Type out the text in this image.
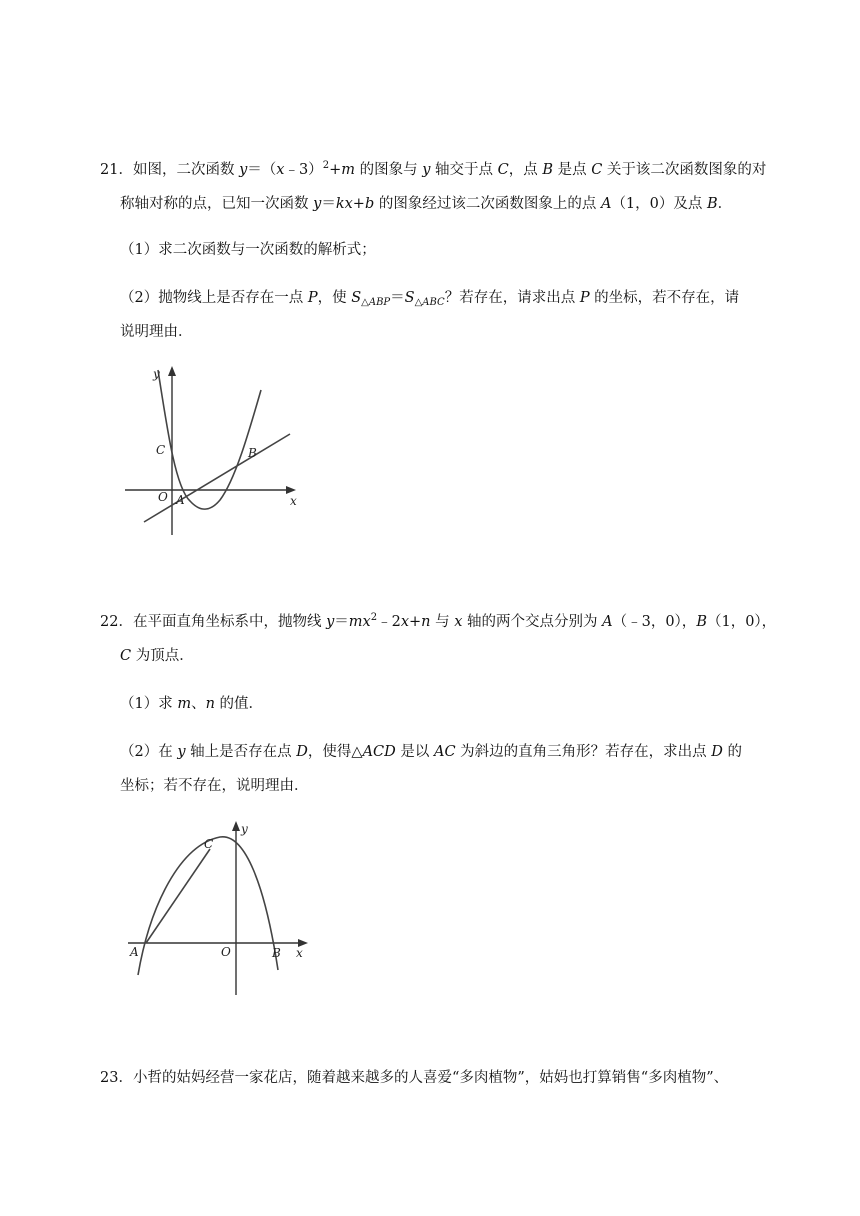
21．如图，二次函数 y＝（x﹣3）$^2$+m 的图象与 y 轴交于点 C，点 B 是点 C 关于该二次函数图象的对

称轴对称的点，已知一次函数 y＝kx+b 的图象经过该二次函数图象上的点 A（1，0）及点 B．

（1）求二次函数与一次函数的解析式；

（2）抛物线上是否存在一点 P，使 $S_{\triangle ABP}=S_{\triangle ABC}$？若存在，请求出点 P 的坐标，若不存在，请

说明理由．

y
x
C	B
O A

22．在平面直角坐标系中，抛物线 $y=mx^2﹣2x+n$ 与 x 轴的两个交点分别为 A（﹣3，0），B（1，0），

C 为顶点．

（1）求 m、n 的值．

（2）在 y 轴上是否存在点 D，使得△ACD 是以 AC 为斜边的直角三角形？若存在，求出点 D 的

坐标；若不存在，说明理由．

y
x
C
A	O	B

23．小哲的姑妈经营一家花店，随着越来越多的人喜爱“多肉植物”，姑妈也打算销售“多肉植物”、
